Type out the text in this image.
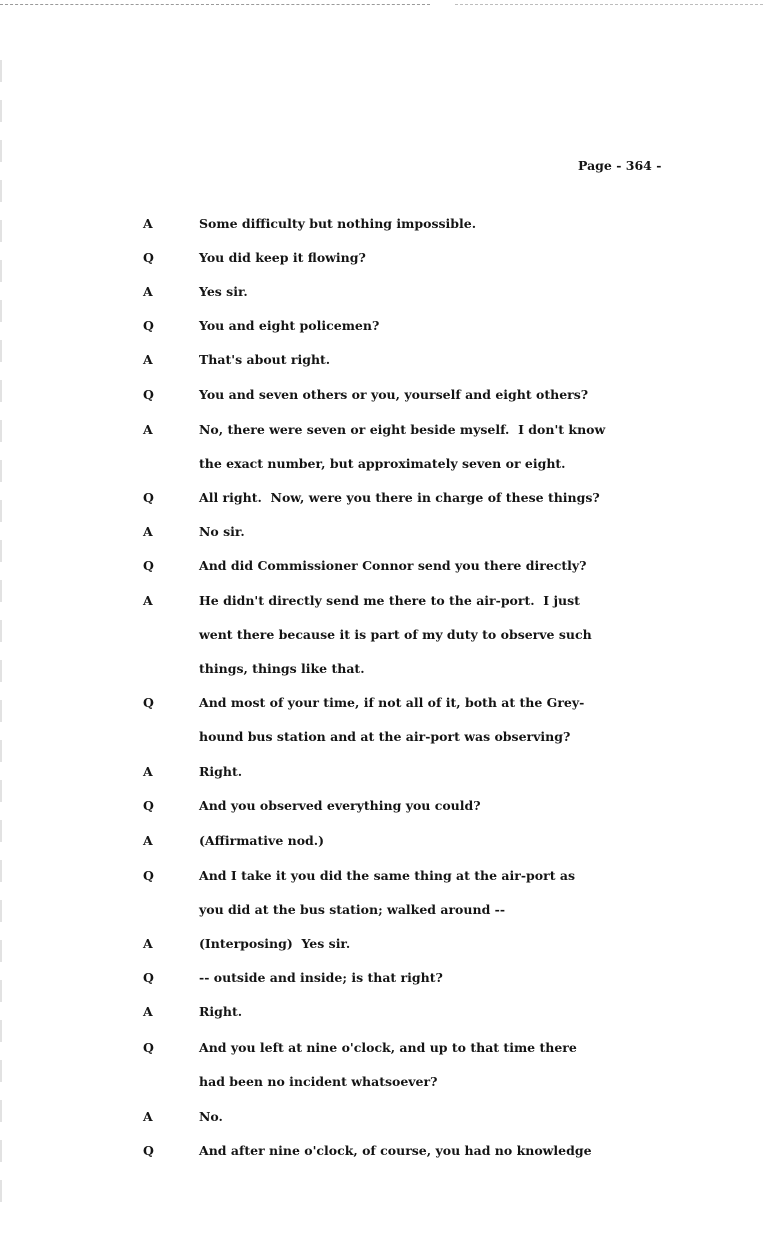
Page - 364 -
A	Some difficulty but nothing impossible.
Q	You did keep it flowing?
A	Yes sir.
Q	You and eight policemen?
A	That's about right.
Q	You and seven others or you, yourself and eight others?
A	No, there were seven or eight beside myself.  I don't know
the exact number, but approximately seven or eight.
Q	All right.  Now, were you there in charge of these things?
A	No sir.
Q	And did Commissioner Connor send you there directly?
A	He didn't directly send me there to the air-port.  I just
went there because it is part of my duty to observe such
things, things like that.
Q	And most of your time, if not all of it, both at the Grey-
hound bus station and at the air-port was observing?
A	Right.
Q	And you observed everything you could?
A	(Affirmative nod.)
Q	And I take it you did the same thing at the air-port as
you did at the bus station; walked around --
A	(Interposing)  Yes sir.
Q	-- outside and inside; is that right?
A	Right.
Q	And you left at nine o'clock, and up to that time there
had been no incident whatsoever?
A	No.
Q	And after nine o'clock, of course, you had no knowledge
